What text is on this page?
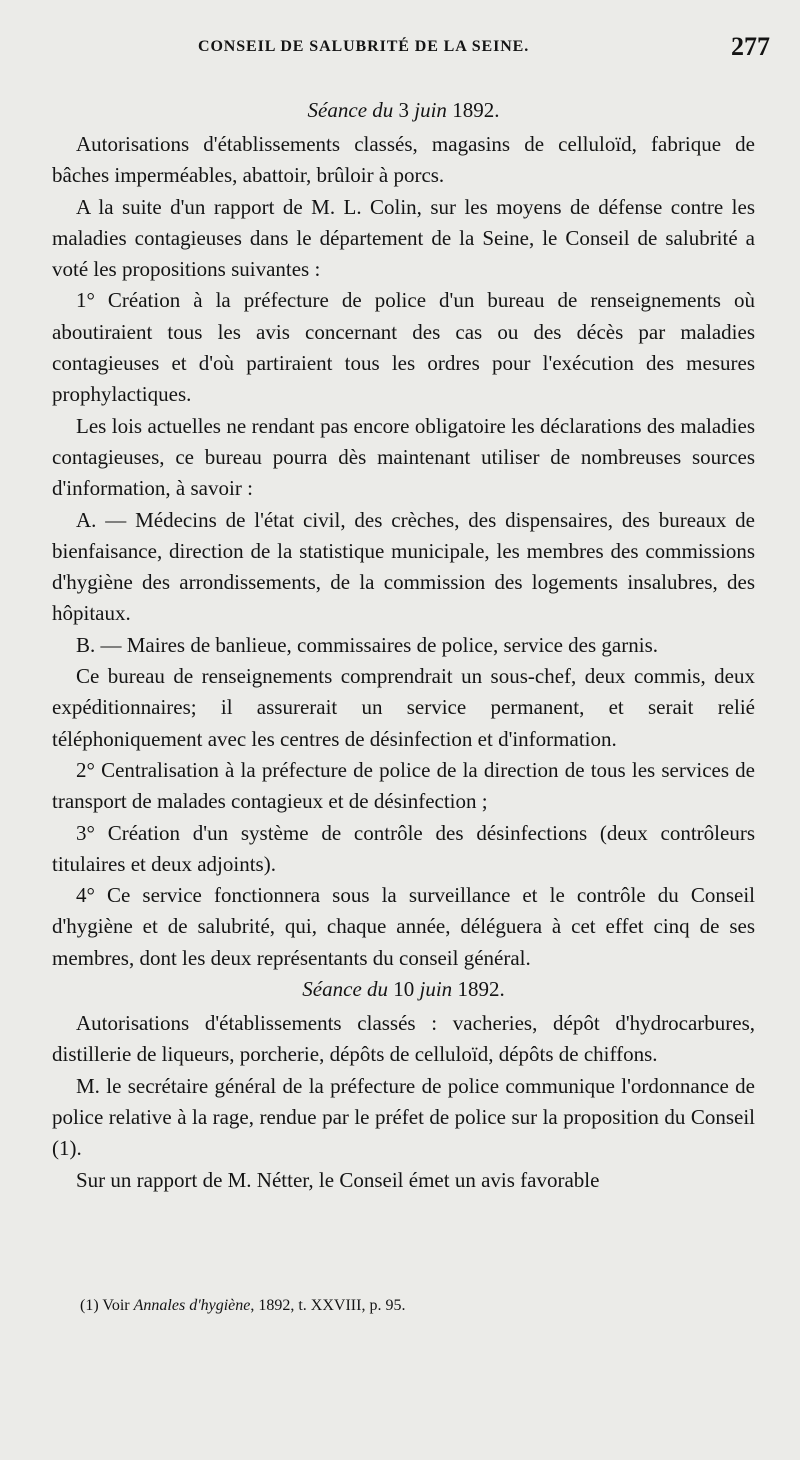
CONSEIL DE SALUBRITÉ DE LA SEINE.	277
Séance du 3 juin 1892.

Autorisations d'établissements classés, magasins de celluloïd, fabrique de bâches imperméables, abattoir, brûloir à porcs.

A la suite d'un rapport de M. L. Colin, sur les moyens de défense contre les maladies contagieuses dans le département de la Seine, le Conseil de salubrité a voté les propositions suivantes :

1° Création à la préfecture de police d'un bureau de renseignements où aboutiraient tous les avis concernant des cas ou des décès par maladies contagieuses et d'où partiraient tous les ordres pour l'exécution des mesures prophylactiques.

Les lois actuelles ne rendant pas encore obligatoire les déclarations des maladies contagieuses, ce bureau pourra dès maintenant utiliser de nombreuses sources d'information, à savoir :

A. — Médecins de l'état civil, des crèches, des dispensaires, des bureaux de bienfaisance, direction de la statistique municipale, les membres des commissions d'hygiène des arrondissements, de la commission des logements insalubres, des hôpitaux.

B. — Maires de banlieue, commissaires de police, service des garnis.

Ce bureau de renseignements comprendrait un sous-chef, deux commis, deux expéditionnaires; il assurerait un service permanent, et serait relié téléphoniquement avec les centres de désinfection et d'information.

2° Centralisation à la préfecture de police de la direction de tous les services de transport de malades contagieux et de désinfection ;

3° Création d'un système de contrôle des désinfections (deux contrôleurs titulaires et deux adjoints).

4° Ce service fonctionnera sous la surveillance et le contrôle du Conseil d'hygiène et de salubrité, qui, chaque année, déléguera à cet effet cinq de ses membres, dont les deux représentants du conseil général.

Séance du 10 juin 1892.

Autorisations d'établissements classés : vacheries, dépôt d'hydrocarbures, distillerie de liqueurs, porcherie, dépôts de celluloïd, dépôts de chiffons.

M. le secrétaire général de la préfecture de police communique l'ordonnance de police relative à la rage, rendue par le préfet de police sur la proposition du Conseil (1).

Sur un rapport de M. Nétter, le Conseil émet un avis favorable

(1) Voir Annales d'hygiène, 1892, t. XXVIII, p. 95.
